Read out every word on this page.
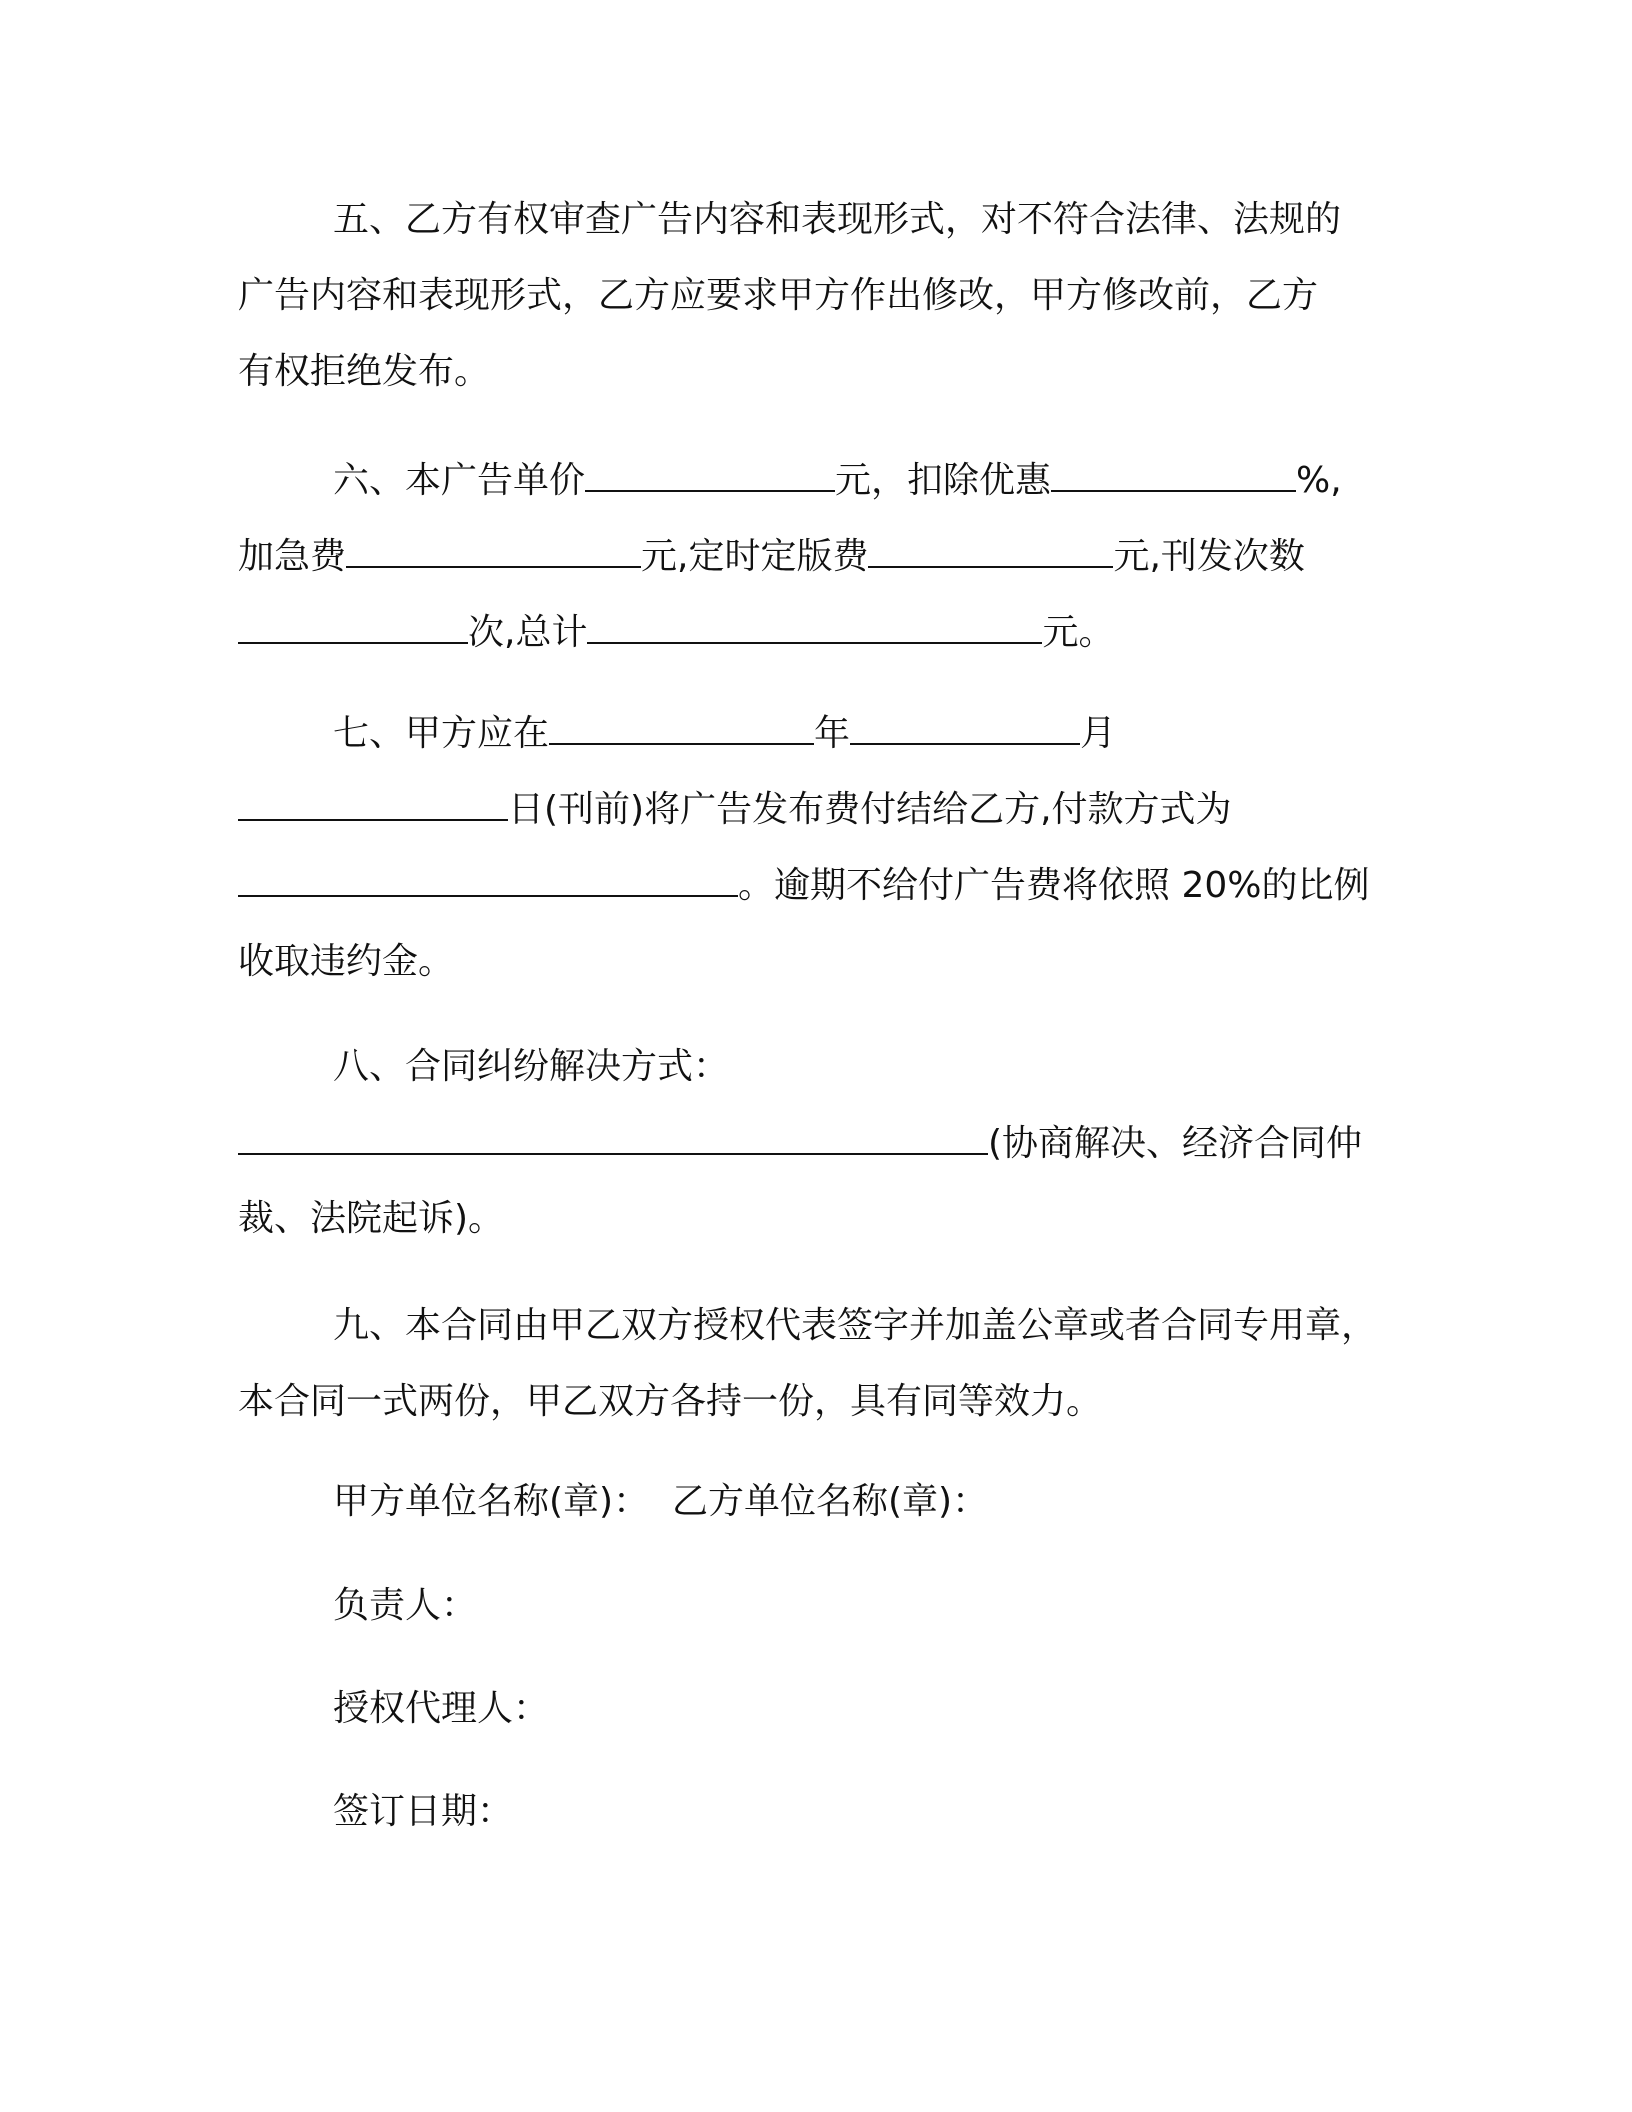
五、乙方有权审查广告内容和表现形式，对不符合法律、法规的
广告内容和表现形式，乙方应要求甲方作出修改，甲方修改前，乙方
有权拒绝发布。
六、本广告单价	元，扣除优惠	%,
加急费	元,定时定版费	元,刊发次数
次,总计	元。
七、甲方应在	年	月
日(刊前)将广告发布费付结给乙方,付款方式为
。逾期不给付广告费将依照 20%的比例
收取违约金。
八、合同纠纷解决方式：
(协商解决、经济合同仲
裁、法院起诉)。
九、本合同由甲乙双方授权代表签字并加盖公章或者合同专用章，
本合同一式两份，甲乙双方各持一份，具有同等效力。
甲方单位名称(章)：  乙方单位名称(章)：
负责人：
授权代理人：
签订日期：
